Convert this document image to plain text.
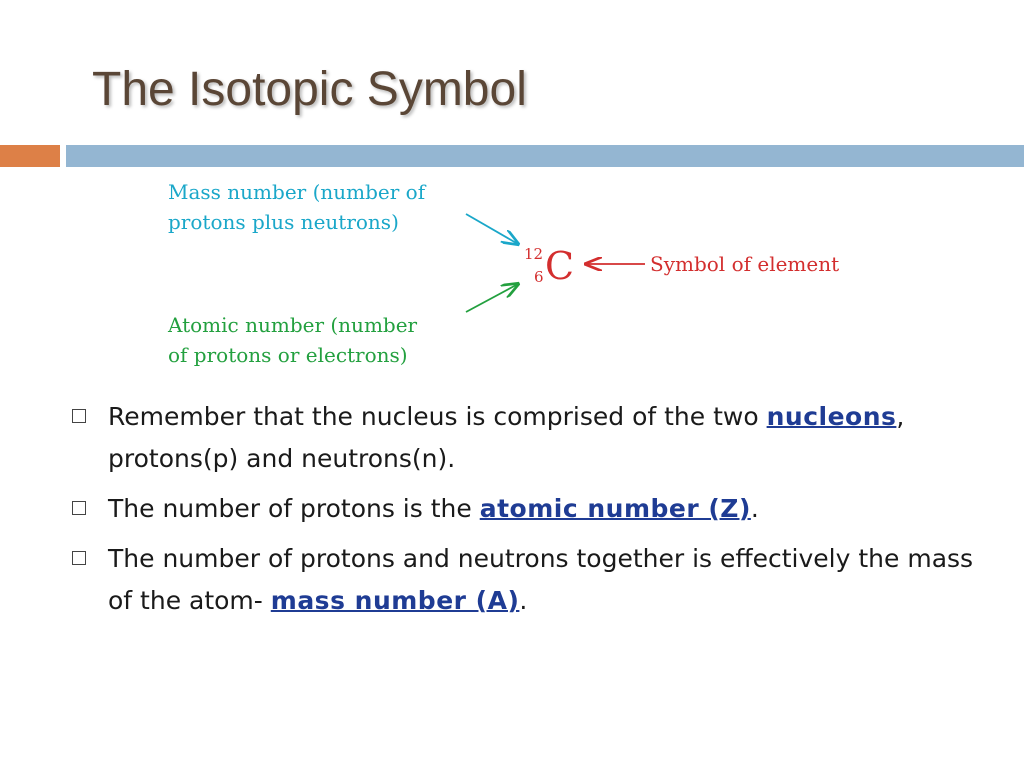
The Isotopic Symbol
Mass number (number of
protons plus neutrons)
Atomic number (number
of protons or electrons)
12
6 C	Symbol of element
Remember that the nucleus is comprised of the two nucleons, protons(p) and neutrons(n).
The number of protons is the atomic number (Z).
The number of protons and neutrons together is effectively the mass of the atom- mass number (A).
